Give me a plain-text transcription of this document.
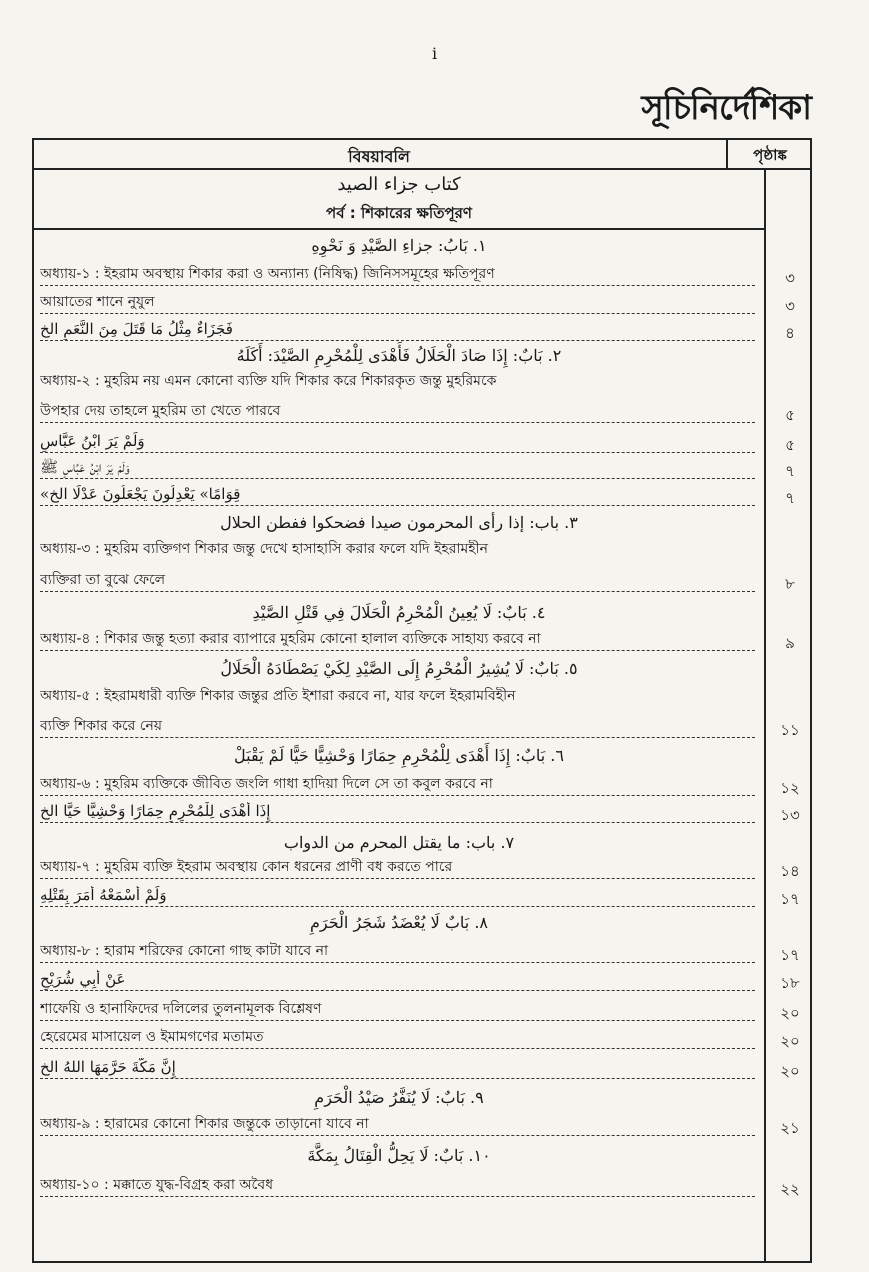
i
সূচিনির্দেশিকা
বিষয়াবলি	পৃষ্ঠাঙ্ক
كتاب جزاء الصيد
পর্ব : শিকারের ক্ষতিপূরণ
١. بَابُ: جزاءِ الصَّيْدِ وَ نَحْوِهِ
অধ্যায়-১ : ইহরাম অবস্থায় শিকার করা ও অন্যান্য (নিষিদ্ধ) জিনিসসমূহের ক্ষতিপূরণ	৩
আয়াতের শানে নুযুল	৩
فَجَزَاءٌ مِثْلُ مَا قَتَلَ مِنَ النَّعَمِ الخ	৪
٢. بَابٌ: إِذَا صَادَ الْحَلَالُ فَأَهْدَى لِلْمُحْرِمِ الصَّيْدَ: أَكَلَهُ
অধ্যায়-২ : মুহরিম নয় এমন কোনো ব্যক্তি যদি শিকার করে শিকারকৃত জন্তু মুহরিমকে
উপহার দেয় তাহলে মুহরিম তা খেতে পারবে	৫
وَلَمْ يَرَ ابْنُ عَبَّاسٍ	৫
وَلَمْ يَرَ ابْنُ عَبَّاسٍ ﷺ	৭
«قِوَامًا» يَعْدِلُونَ يَجْعَلُونَ عَدْلًا الخ	৭
٣. باب: إذا رأى المحرمون صيدا فضحكوا ففطن الحلال
অধ্যায়-৩ : মুহরিম ব্যক্তিগণ শিকার জন্তু দেখে হাসাহাসি করার ফলে যদি ইহরামহীন
ব্যক্তিরা তা বুঝে ফেলে	৮
٤. بَابٌ: لَا يُعِينُ الْمُحْرِمُ الْحَلَالَ فِي قَتْلِ الصَّيْدِ
অধ্যায়-৪ : শিকার জন্তু হত্যা করার ব্যাপারে মুহরিম কোনো হালাল ব্যক্তিকে সাহায্য করবে না	৯
٥. بَابٌ: لَا يُشِيرُ الْمُحْرِمُ إِلَى الصَّيْدِ لِكَيْ يَصْطَادَهُ الْحَلَالُ
অধ্যায়-৫ : ইহরামধারী ব্যক্তি শিকার জন্তুর প্রতি ইশারা করবে না, যার ফলে ইহরামবিহীন
ব্যক্তি শিকার করে নেয়	১১
٦. بَابٌ: إِذَا أَهْدَى لِلْمُحْرِمِ حِمَارًا وَحْشِيًّا حَيًّا لَمْ يَقْبَلْ
অধ্যায়-৬ : মুহরিম ব্যক্তিকে জীবিত জংলি গাধা হাদিয়া দিলে সে তা কবুল করবে না	১২
إِذَا أَهْدَى لِلْمُحْرِمِ حِمَارًا وَحْشِيًّا حَيًّا الخ	১৩
٧. باب: ما يقتل المحرم من الدواب
অধ্যায়-৭ : মুহরিম ব্যক্তি ইহরাম অবস্থায় কোন ধরনের প্রাণী বধ করতে পারে	১৪
وَلَمْ أَسْمَعْهُ أَمَرَ بِقَتْلِهِ	১৭
٨. بَابٌ لَا يُعْضَدُ شَجَرُ الْحَرَمِ
অধ্যায়-৮ : হারাম শরিফের কোনো গাছ কাটা যাবে না	১৭
عَنْ أَبِي شُرَيْحٍ	১৮
শাফেয়ি ও হানাফিদের দলিলের তুলনামূলক বিশ্লেষণ	২০
হেরেমের মাসায়েল ও ইমামগণের মতামত	২০
إِنَّ مَكَّةَ حَرَّمَهَا اللهُ الخ	২০
٩. بَابٌ: لَا يُنَفَّرُ صَيْدُ الْحَرَمِ
অধ্যায়-৯ : হারামের কোনো শিকার জন্তুকে তাড়ানো যাবে না	২১
١٠. بَابٌ: لَا يَحِلُّ الْقِتَالُ بِمَكَّةَ
অধ্যায়-১০ : মক্কাতে যুদ্ধ-বিগ্রহ করা অবৈধ	২২
